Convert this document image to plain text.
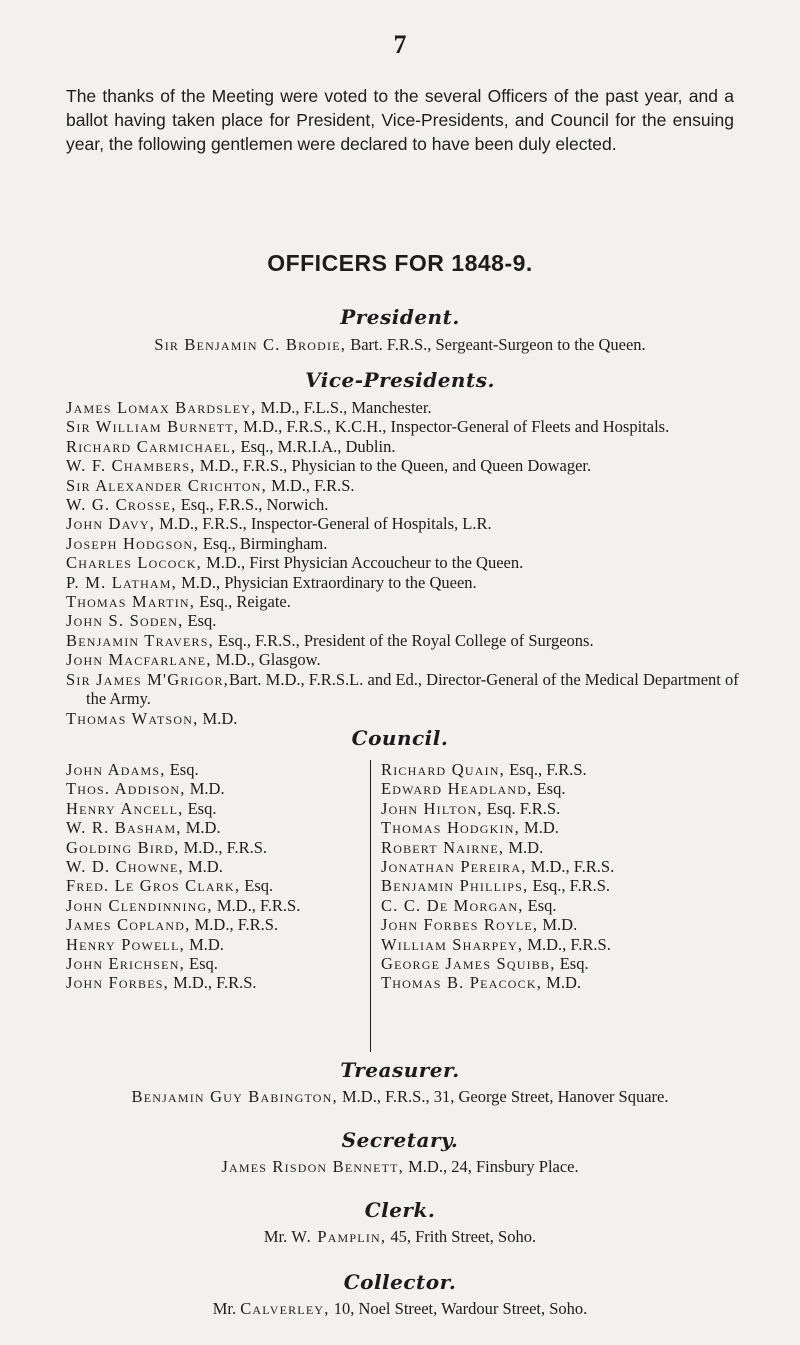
7
The thanks of the Meeting were voted to the several Officers of the past year, and a ballot having taken place for President, Vice-Presidents, and Council for the ensuing year, the following gentlemen were declared to have been duly elected.
OFFICERS FOR 1848-9.
President.
Sir Benjamin C. Brodie, Bart. F.R.S., Sergeant-Surgeon to the Queen.
Vice-Presidents.
James Lomax Bardsley, M.D., F.L.S., Manchester.
Sir William Burnett, M.D., F.R.S., K.C.H., Inspector-General of Fleets and Hospitals.
Richard Carmichael, Esq., M.R.I.A., Dublin.
W. F. Chambers, M.D., F.R.S., Physician to the Queen, and Queen Dowager.
Sir Alexander Crichton, M.D., F.R.S.
W. G. Crosse, Esq., F.R.S., Norwich.
John Davy, M.D., F.R.S., Inspector-General of Hospitals, L.R.
Joseph Hodgson, Esq., Birmingham.
Charles Locock, M.D., First Physician Accoucheur to the Queen.
P. M. Latham, M.D., Physician Extraordinary to the Queen.
Thomas Martin, Esq., Reigate.
John S. Soden, Esq.
Benjamin Travers, Esq., F.R.S., President of the Royal College of Surgeons.
John Macfarlane, M.D., Glasgow.
Sir James M'Grigor,Bart. M.D., F.R.S.L. and Ed., Director-General of the Medical Department of the Army.
Thomas Watson, M.D.
Council.
John Adams, Esq.
Thos. Addison, M.D.
Henry Ancell, Esq.
W. R. Basham, M.D.
Golding Bird, M.D., F.R.S.
W. D. Chowne, M.D.
Fred. Le Gros Clark, Esq.
John Clendinning, M.D., F.R.S.
James Copland, M.D., F.R.S.
Henry Powell, M.D.
John Erichsen, Esq.
John Forbes, M.D., F.R.S.
Richard Quain, Esq., F.R.S.
Edward Headland, Esq.
John Hilton, Esq. F.R.S.
Thomas Hodgkin, M.D.
Robert Nairne, M.D.
Jonathan Pereira, M.D., F.R.S.
Benjamin Phillips, Esq., F.R.S.
C. C. De Morgan, Esq.
John Forbes Royle, M.D.
William Sharpey, M.D., F.R.S.
George James Squibb, Esq.
Thomas B. Peacock, M.D.
Treasurer.
Benjamin Guy Babington, M.D., F.R.S., 31, George Street, Hanover Square.
Secretary.
James Risdon Bennett, M.D., 24, Finsbury Place.
Clerk.
Mr. W. Pamplin, 45, Frith Street, Soho.
Collector.
Mr. Calverley, 10, Noel Street, Wardour Street, Soho.
